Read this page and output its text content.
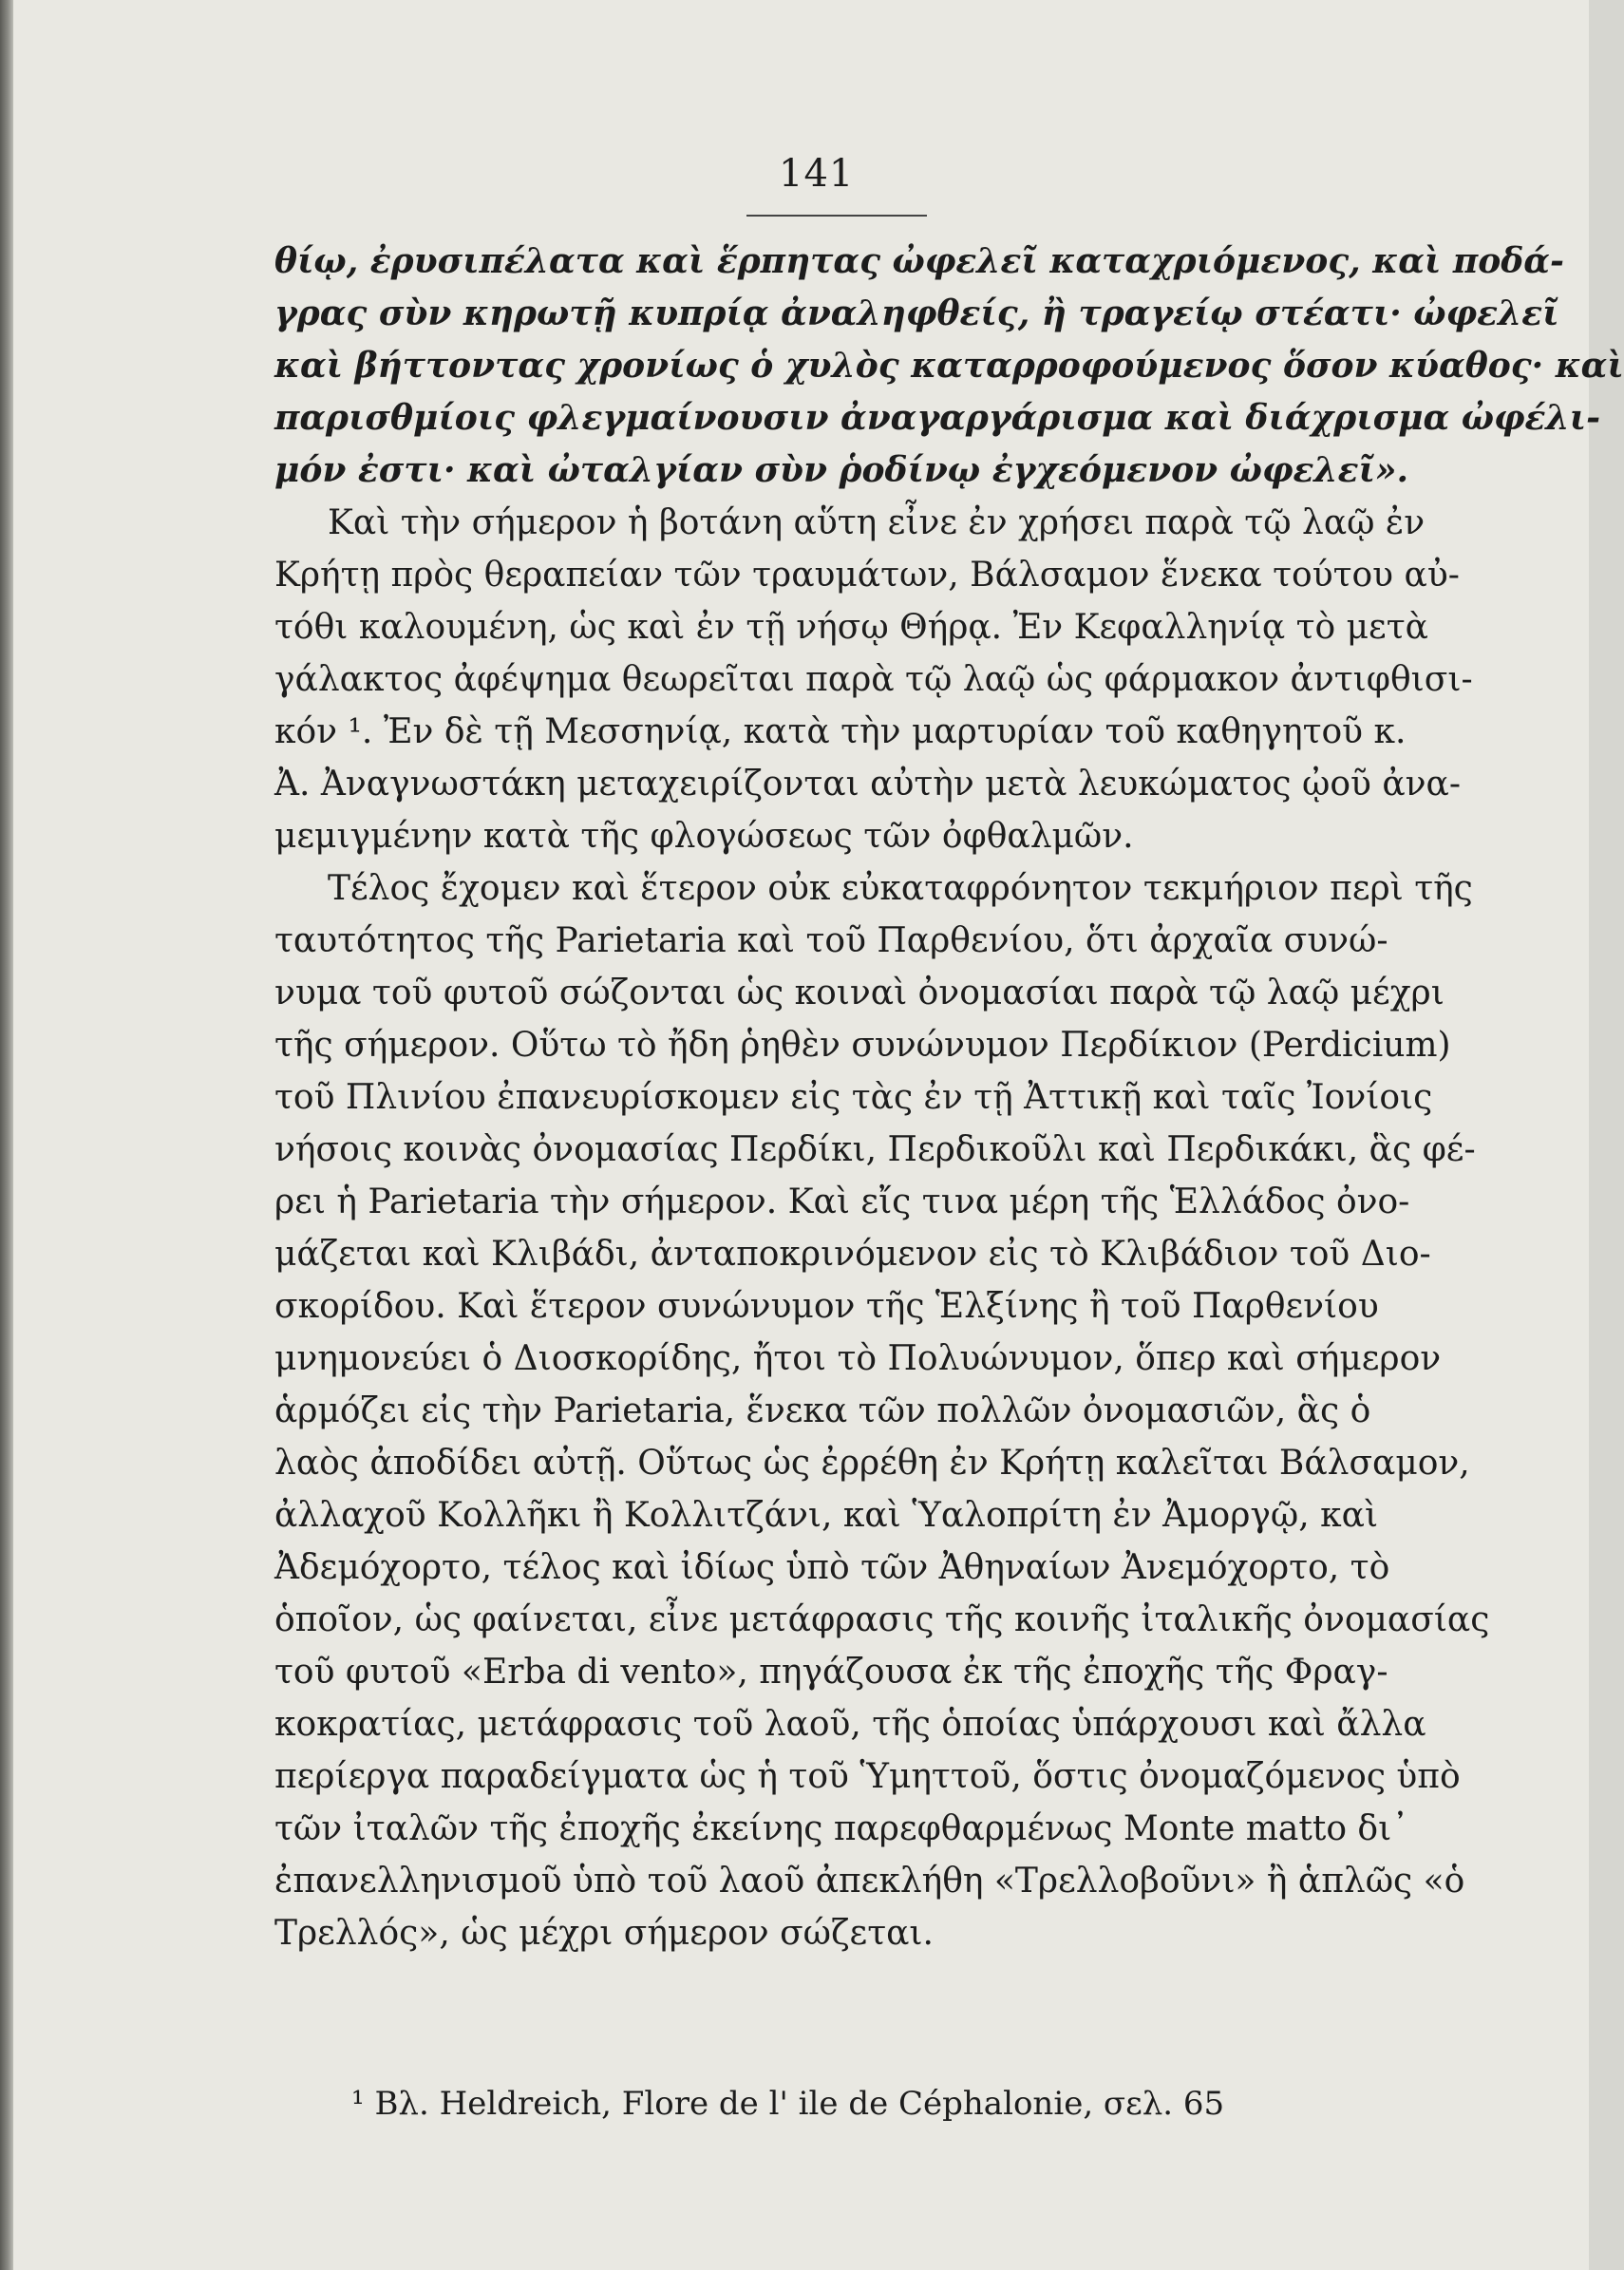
141
θίῳ, ἐρυσιπέλατα καὶ ἕρπητας ὠφελεῖ καταχριόμενος, καὶ ποδά-
γρας σὺν κηρωτῇ κυπρίᾳ ἀναληφθείς, ἢ τραγείῳ στέατι· ὠφελεῖ
καὶ βήττοντας χρονίως ὁ χυλὸς καταρροφούμενος ὅσον κύαθος· καὶ
παρισθμίοις φλεγμαίνουσιν ἀναγαργάρισμα καὶ διάχρισμα ὠφέλι-
μόν ἐστι· καὶ ὠταλγίαν σὺν ῥοδίνῳ ἐγχεόμενον ὠφελεῖ».
Καὶ τὴν σήμερον ἡ βοτάνη αὕτη εἶνε ἐν χρήσει παρὰ τῷ λαῷ ἐν
Κρήτῃ πρὸς θεραπείαν τῶν τραυμάτων, Βάλσαμον ἕνεκα τούτου αὐ-
τόθι καλουμένη, ὡς καὶ ἐν τῇ νήσῳ Θήρᾳ. Ἐν Κεφαλληνίᾳ τὸ μετὰ
γάλακτος ἀφέψημα θεωρεῖται παρὰ τῷ λαῷ ὡς φάρμακον ἀντιφθισι-
κόν ¹. Ἐν δὲ τῇ Μεσσηνίᾳ, κατὰ τὴν μαρτυρίαν τοῦ καθηγητοῦ κ.
Ἀ. Ἀναγνωστάκη μεταχειρίζονται αὐτὴν μετὰ λευκώματος ᾠοῦ ἀνα-
μεμιγμένην κατὰ τῆς φλογώσεως τῶν ὀφθαλμῶν.
Τέλος ἔχομεν καὶ ἕτερον οὐκ εὐκαταφρόνητον τεκμήριον περὶ τῆς
ταυτότητος τῆς Parietaria καὶ τοῦ Παρθενίου, ὅτι ἀρχαῖα συνώ-
νυμα τοῦ φυτοῦ σώζονται ὡς κοιναὶ ὀνομασίαι παρὰ τῷ λαῷ μέχρι
τῆς σήμερον. Οὕτω τὸ ἤδη ῥηθὲν συνώνυμον Περδίκιον (Perdicium)
τοῦ Πλινίου ἐπανευρίσκομεν εἰς τὰς ἐν τῇ Ἀττικῇ καὶ ταῖς Ἰονίοις
νήσοις κοινὰς ὀνομασίας Περδίκι, Περδικοῦλι καὶ Περδικάκι, ἃς φέ-
ρει ἡ Parietaria τὴν σήμερον. Καὶ εἴς τινα μέρη τῆς Ἑλλάδος ὀνο-
μάζεται καὶ Κλιβάδι, ἀνταποκρινόμενον εἰς τὸ Κλιβάδιον τοῦ Διο-
σκορίδου. Καὶ ἕτερον συνώνυμον τῆς Ἑλξίνης ἢ τοῦ Παρθενίου
μνημονεύει ὁ Διοσκορίδης, ἤτοι τὸ Πολυώνυμον, ὅπερ καὶ σήμερον
ἁρμόζει εἰς τὴν Parietaria, ἕνεκα τῶν πολλῶν ὀνομασιῶν, ἃς ὁ
λαὸς ἀποδίδει αὐτῇ. Οὕτως ὡς ἐρρέθη ἐν Κρήτῃ καλεῖται Βάλσαμον,
ἀλλαχοῦ Κολλῆκι ἢ Κολλιτζάνι, καὶ Ὑαλοπρίτη ἐν Ἀμοργῷ, καὶ
Ἀδεμόχορτο, τέλος καὶ ἰδίως ὑπὸ τῶν Ἀθηναίων Ἀνεμόχορτο, τὸ
ὁποῖον, ὡς φαίνεται, εἶνε μετάφρασις τῆς κοινῆς ἰταλικῆς ὀνομασίας
τοῦ φυτοῦ «Erba di vento», πηγάζουσα ἐκ τῆς ἐποχῆς τῆς Φραγ-
κοκρατίας, μετάφρασις τοῦ λαοῦ, τῆς ὁποίας ὑπάρχουσι καὶ ἄλλα
περίεργα παραδείγματα ὡς ἡ τοῦ Ὑμηττοῦ, ὅστις ὀνομαζόμενος ὑπὸ
τῶν ἰταλῶν τῆς ἐποχῆς ἐκείνης παρεφθαρμένως Monte matto δι᾽
ἐπανελληνισμοῦ ὑπὸ τοῦ λαοῦ ἀπεκλήθη «Τρελλοβοῦνι» ἢ ἁπλῶς «ὁ
Τρελλός», ὡς μέχρι σήμερον σώζεται.
¹ Βλ. Heldreich, Flore de l' ile de Céphalonie, σελ. 65
